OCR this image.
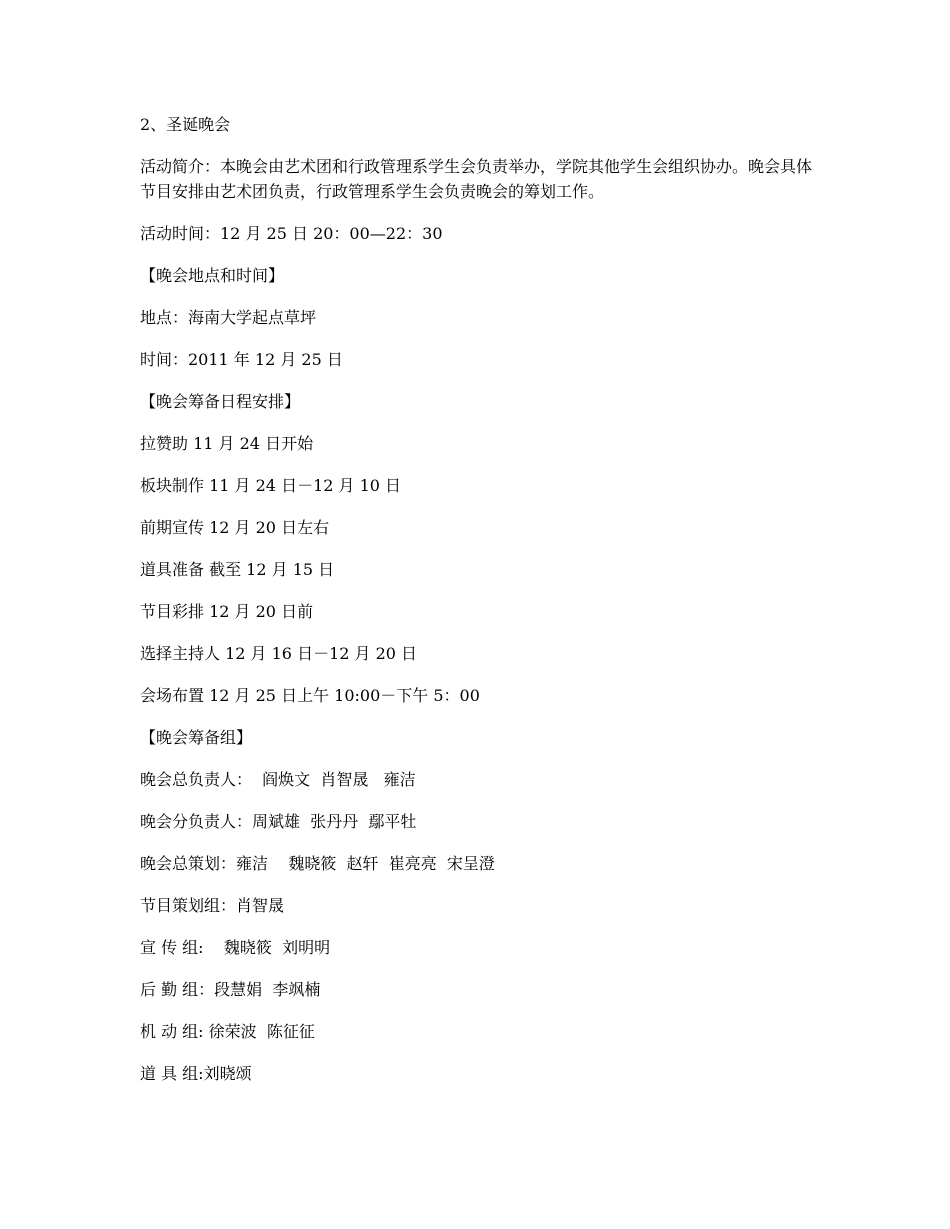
2、圣诞晚会

活动简介：本晚会由艺术团和行政管理系学生会负责举办，学院其他学生会组织协办。晚会具体节目安排由艺术团负责，行政管理系学生会负责晚会的筹划工作。

活动时间：12 月 25 日 20：00—22：30

【晚会地点和时间】

地点：海南大学起点草坪

时间：2011 年 12 月 25 日

【晚会筹备日程安排】

拉赞助 11 月 24 日开始

板块制作 11 月 24 日－12 月 10 日

前期宣传 12 月 20 日左右

道具准备 截至 12 月 15 日

节目彩排 12 月 20 日前

选择主持人 12 月 16 日－12 月 20 日

会场布置 12 月 25 日上午 10:00－下午 5：00

【晚会筹备组】

晚会总负责人：  阎焕文  肖智晟   雍洁

晚会分负责人：周斌雄  张丹丹  鄢平牡

晚会总策划：雍洁    魏晓筱  赵轩  崔亮亮  宋呈澄

节目策划组：肖智晟

宣 传 组:    魏晓筱  刘明明

后 勤 组：段慧娟  李飒楠

机 动 组: 徐荣波  陈征征

道 具 组:刘晓颂
